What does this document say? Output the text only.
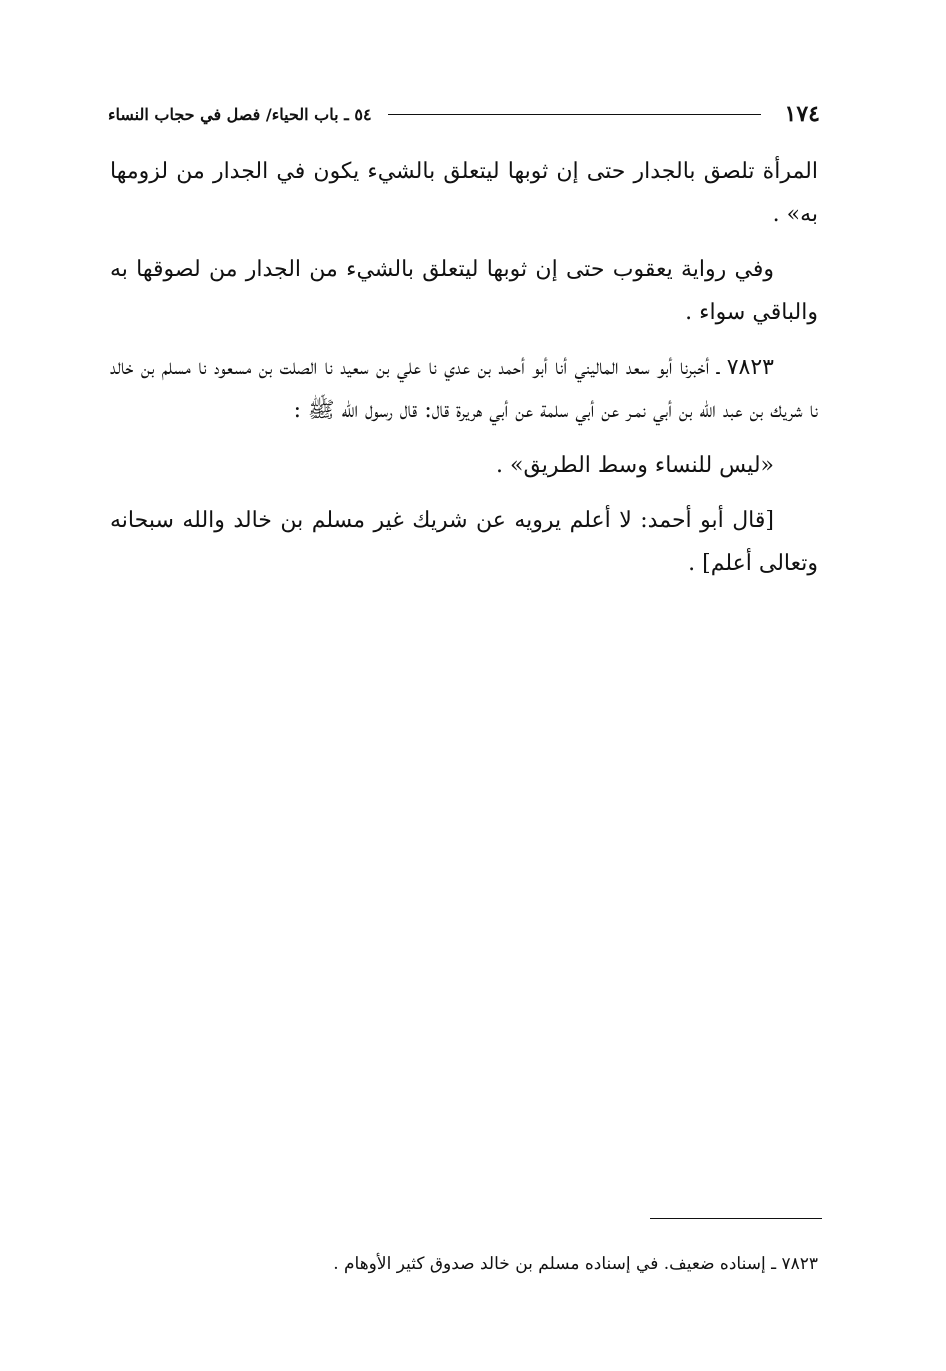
١٧٤
٥٤ ـ باب الحياء/ فصل في حجاب النساء

المرأة تلصق بالجدار حتى إن ثوبها ليتعلق بالشيء يكون في الجدار من لزومها به» .

وفي رواية يعقوب حتى إن ثوبها ليتعلق بالشيء من الجدار من لصوقها به والباقي سواء .

٧٨٢٣ ـ أخبرنا أبو سعد الماليني أنا أبو أحمد بن عدي نا علي بن سعيد نا الصلت بن مسعود نا مسلم بن خالد نا شريك بن عبد الله بن أبي نمـر عن أبي سلمة عن أبي هريرة قال: قال رسول الله ﷺ :

«ليس للنساء وسط الطريق» .

[قال أبو أحمد: لا أعلم يرويه عن شريك غير مسلم بن خالد والله سبحانه وتعالى أعلم] .

٧٨٢٣ ـ إسناده ضعيف. في إسناده مسلم بن خالد صدوق كثير الأوهام .
